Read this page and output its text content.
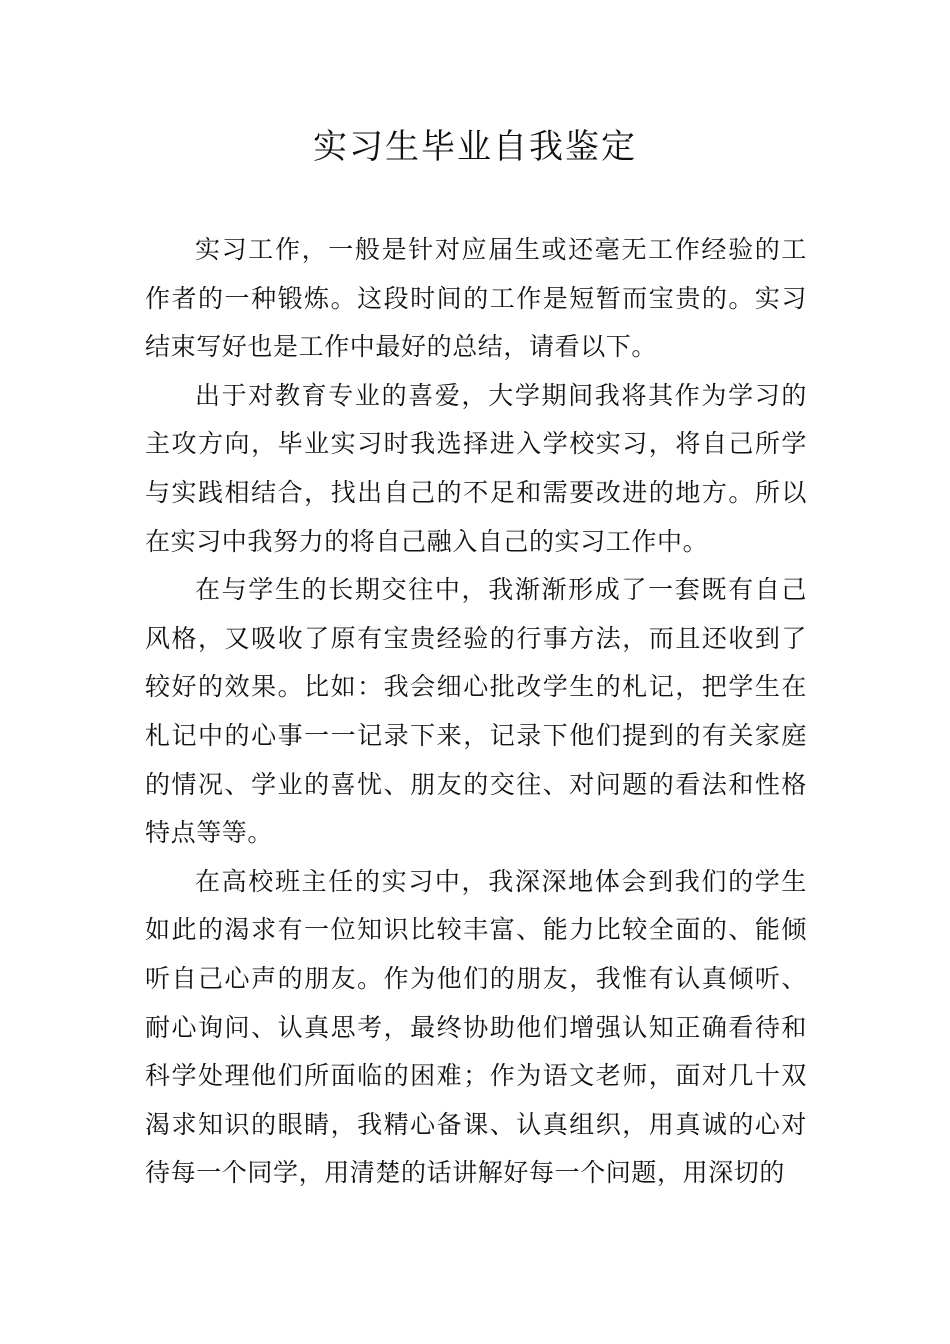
实习生毕业自我鉴定

实习工作，一般是针对应届生或还毫无工作经验的工作者的一种锻炼。这段时间的工作是短暂而宝贵的。实习结束写好也是工作中最好的总结，请看以下。

出于对教育专业的喜爱，大学期间我将其作为学习的主攻方向，毕业实习时我选择进入学校实习，将自己所学与实践相结合，找出自己的不足和需要改进的地方。所以在实习中我努力的将自己融入自己的实习工作中。

在与学生的长期交往中，我渐渐形成了一套既有自己风格，又吸收了原有宝贵经验的行事方法，而且还收到了较好的效果。比如：我会细心批改学生的札记，把学生在札记中的心事一一记录下来，记录下他们提到的有关家庭的情况、学业的喜忧、朋友的交往、对问题的看法和性格特点等等。

在高校班主任的实习中，我深深地体会到我们的学生如此的渴求有一位知识比较丰富、能力比较全面的、能倾听自己心声的朋友。作为他们的朋友，我惟有认真倾听、耐心询问、认真思考，最终协助他们增强认知正确看待和科学处理他们所面临的困难；作为语文老师，面对几十双渴求知识的眼睛，我精心备课、认真组织，用真诚的心对待每一个同学，用清楚的话讲解好每一个问题，用深切的
